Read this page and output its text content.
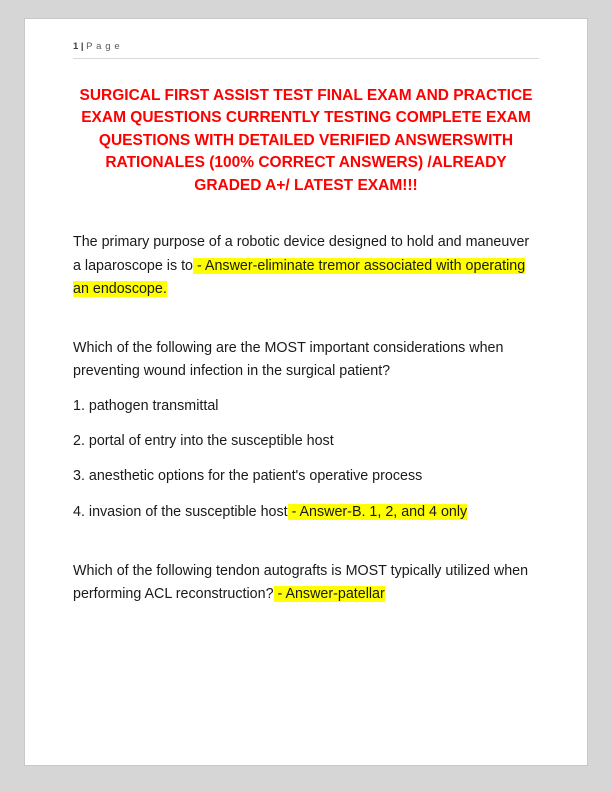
1 | P a g e
SURGICAL FIRST ASSIST TEST FINAL EXAM AND PRACTICE EXAM QUESTIONS CURRENTLY TESTING COMPLETE EXAM QUESTIONS WITH DETAILED VERIFIED ANSWERSWITH RATIONALES (100% CORRECT ANSWERS) /ALREADY GRADED A+/ LATEST EXAM!!!

The primary purpose of a robotic device designed to hold and maneuver a laparoscope is to - Answer-eliminate tremor associated with operating an endoscope.

Which of the following are the MOST important considerations when preventing wound infection in the surgical patient?

1. pathogen transmittal

2. portal of entry into the susceptible host

3. anesthetic options for the patient's operative process

4. invasion of the susceptible host - Answer-B. 1, 2, and 4 only

Which of the following tendon autografts is MOST typically utilized when performing ACL reconstruction? - Answer-patellar
